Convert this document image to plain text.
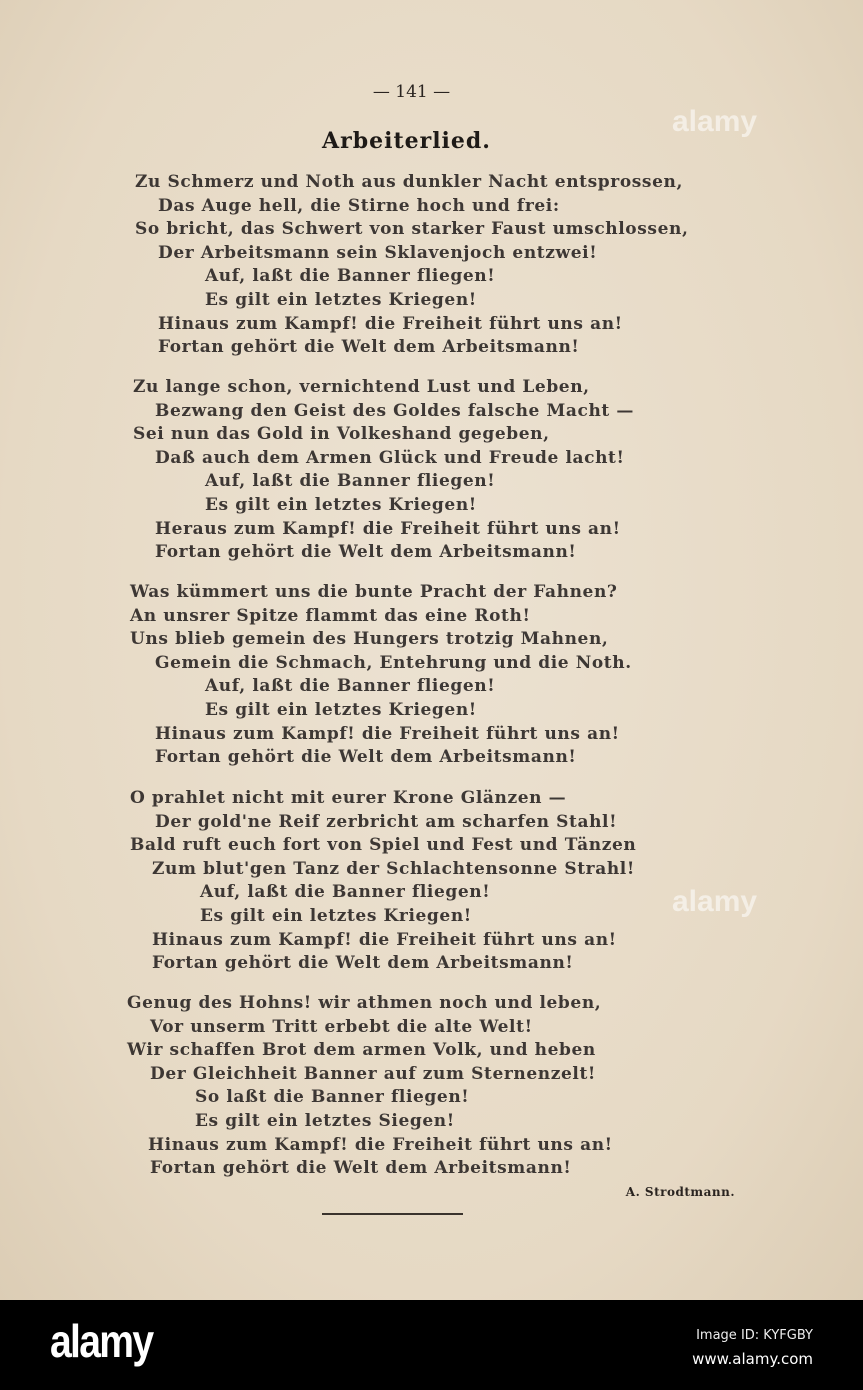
— 141 —
Arbeiterlied.
Zu Schmerz und Noth aus dunkler Nacht entsprossen,
Das Auge hell, die Stirne hoch und frei:
So bricht, das Schwert von starker Faust umschlossen,
Der Arbeitsmann sein Sklavenjoch entzwei!
Auf, laßt die Banner fliegen!
Es gilt ein letztes Kriegen!
Hinaus zum Kampf! die Freiheit führt uns an!
Fortan gehört die Welt dem Arbeitsmann!
Zu lange schon, vernichtend Lust und Leben,
Bezwang den Geist des Goldes falsche Macht —
Sei nun das Gold in Volkeshand gegeben,
Daß auch dem Armen Glück und Freude lacht!
Auf, laßt die Banner fliegen!
Es gilt ein letztes Kriegen!
Heraus zum Kampf! die Freiheit führt uns an!
Fortan gehört die Welt dem Arbeitsmann!
Was kümmert uns die bunte Pracht der Fahnen?
An unsrer Spitze flammt das eine Roth!
Uns blieb gemein des Hungers trotzig Mahnen,
Gemein die Schmach, Entehrung und die Noth.
Auf, laßt die Banner fliegen!
Es gilt ein letztes Kriegen!
Hinaus zum Kampf! die Freiheit führt uns an!
Fortan gehört die Welt dem Arbeitsmann!
O prahlet nicht mit eurer Krone Glänzen —
Der gold'ne Reif zerbricht am scharfen Stahl!
Bald ruft euch fort von Spiel und Fest und Tänzen
Zum blut'gen Tanz der Schlachtensonne Strahl!
Auf, laßt die Banner fliegen!
Es gilt ein letztes Kriegen!
Hinaus zum Kampf! die Freiheit führt uns an!
Fortan gehört die Welt dem Arbeitsmann!
Genug des Hohns! wir athmen noch und leben,
Vor unserm Tritt erbebt die alte Welt!
Wir schaffen Brot dem armen Volk, und heben
Der Gleichheit Banner auf zum Sternenzelt!
So laßt die Banner fliegen!
Es gilt ein letztes Siegen!
Hinaus zum Kampf! die Freiheit führt uns an!
Fortan gehört die Welt dem Arbeitsmann!
A. Strodtmann.
alamy
alamy
alamy	Image ID: KYFGBY
www.alamy.com
